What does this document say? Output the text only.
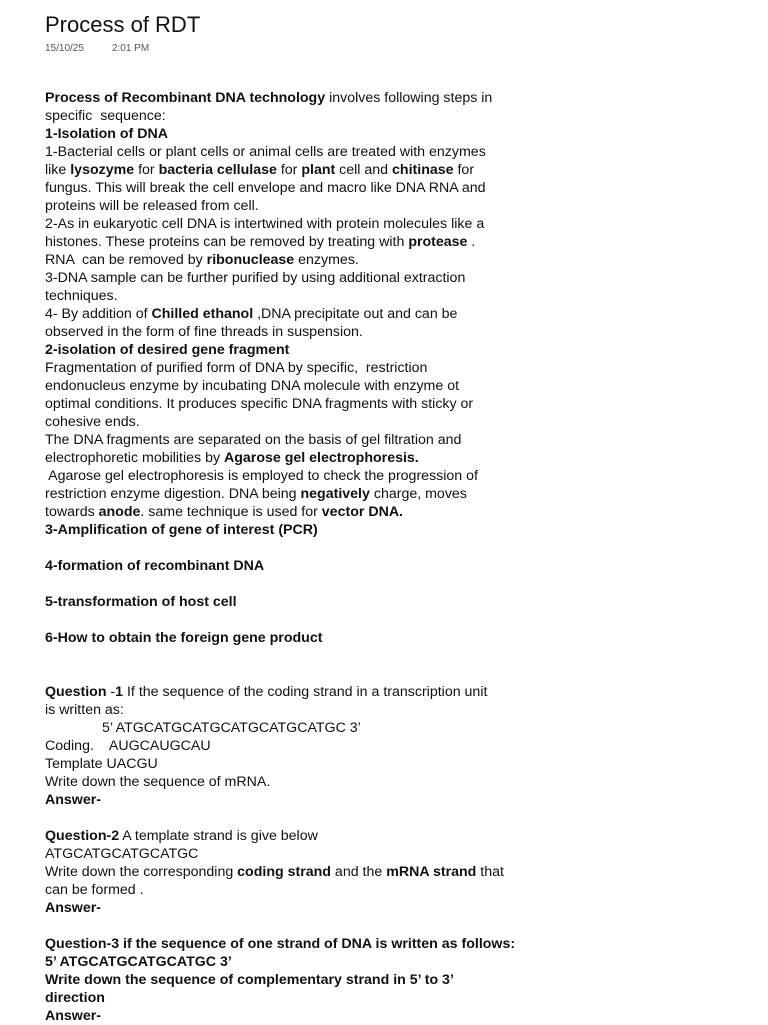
Process of RDT
15/10/25	2:01 PM
Process of Recombinant DNA technology involves following steps in
specific  sequence:
1-Isolation of DNA
1-Bacterial cells or plant cells or animal cells are treated with enzymes
like lysozyme for bacteria cellulase for plant cell and chitinase for
fungus. This will break the cell envelope and macro like DNA RNA and
proteins will be released from cell.
2-As in eukaryotic cell DNA is intertwined with protein molecules like a
histones. These proteins can be removed by treating with protease .
RNA  can be removed by ribonuclease enzymes.
3-DNA sample can be further purified by using additional extraction
techniques.
4- By addition of Chilled ethanol ,DNA precipitate out and can be
observed in the form of fine threads in suspension.
2-isolation of desired gene fragment
Fragmentation of purified form of DNA by specific,  restriction
endonucleus enzyme by incubating DNA molecule with enzyme ot
optimal conditions. It produces specific DNA fragments with sticky or
cohesive ends.
The DNA fragments are separated on the basis of gel filtration and
electrophoretic mobilities by Agarose gel electrophoresis.
Agarose gel electrophoresis is employed to check the progression of
restriction enzyme digestion. DNA being negatively charge, moves
towards anode. same technique is used for vector DNA.
3-Amplification of gene of interest (PCR)
4-formation of recombinant DNA
5-transformation of host cell
6-How to obtain the foreign gene product
Question -1 If the sequence of the coding strand in a transcription unit
is written as:
5’ ATGCATGCATGCATGCATGCATGC 3’
Coding.    AUGCAUGCAU
Template UACGU
Write down the sequence of mRNA.
Answer-
Question-2 A template strand is give below
ATGCATGCATGCATGC
Write down the corresponding coding strand and the mRNA strand that
can be formed .
Answer-
Question-3 if the sequence of one strand of DNA is written as follows:
5’ ATGCATGCATGCATGC 3’
Write down the sequence of complementary strand in 5’ to 3’
direction
Answer-
